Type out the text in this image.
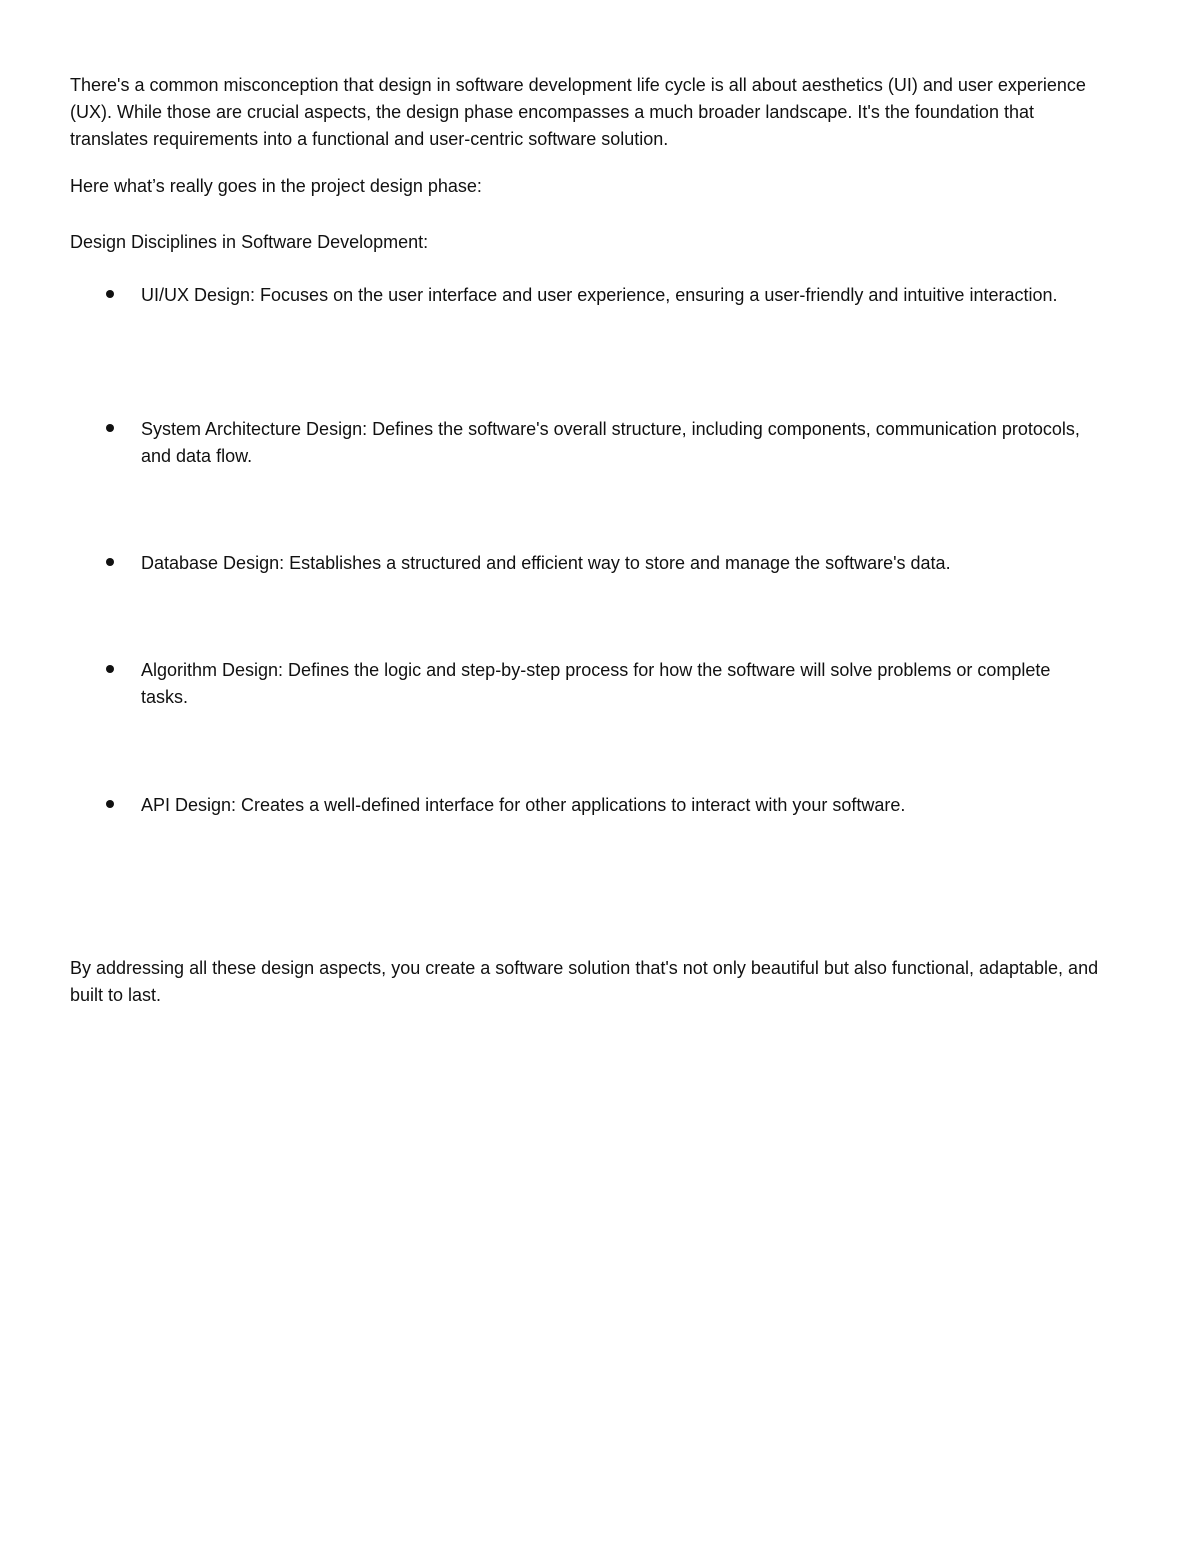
There's a common misconception that design in software development life cycle is all about aesthetics (UI) and user experience (UX). While those are crucial aspects, the design phase encompasses a much broader landscape. It's the foundation that translates requirements into a functional and user-centric software solution.

Here what’s really goes in the project design phase:

Design Disciplines in Software Development:

UI/UX Design: Focuses on the user interface and user experience, ensuring a user-friendly and intuitive interaction.

System Architecture Design: Defines the software's overall structure, including components, communication protocols, and data flow.

Database Design: Establishes a structured and efficient way to store and manage the software's data.

Algorithm Design: Defines the logic and step-by-step process for how the software will solve problems or complete tasks.

API Design: Creates a well-defined interface for other applications to interact with your software.

By addressing all these design aspects, you create a software solution that's not only beautiful but also functional, adaptable, and built to last.
